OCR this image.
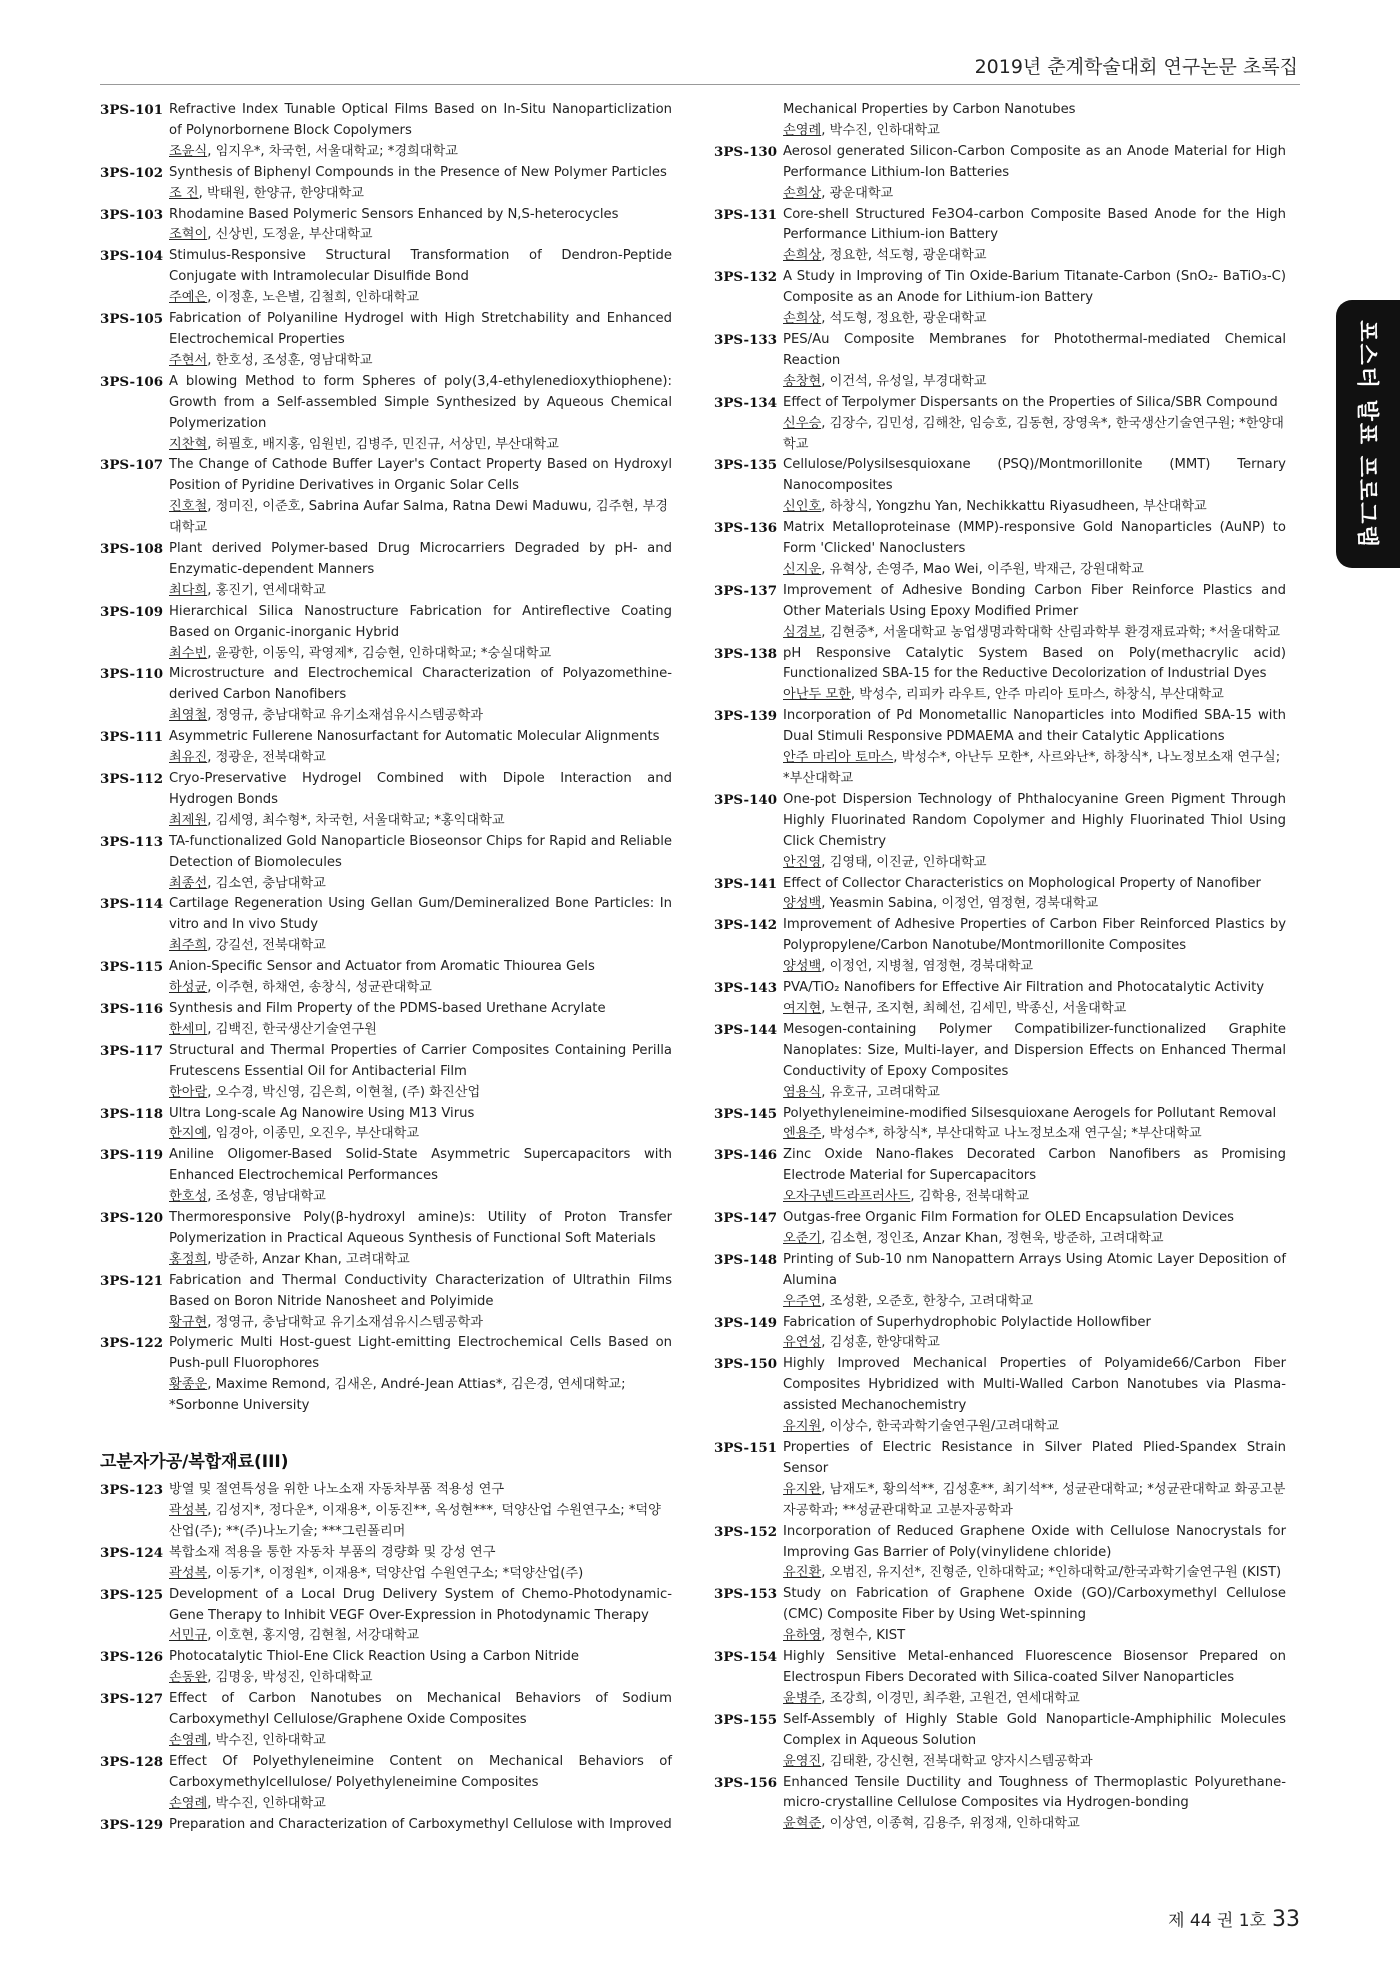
2019년 춘계학술대회 연구논문 초록집
포스터 발표 프로그램
3PS-101 Refractive Index Tunable Optical Films Based on In-Situ Nanoparticlization of Polynorbornene Block Copolymers
조윤식, 임지우*, 차국헌, 서울대학교; *경희대학교
3PS-102 Synthesis of Biphenyl Compounds in the Presence of New Polymer Particles
조 진, 박태원, 한양규, 한양대학교
3PS-103 Rhodamine Based Polymeric Sensors Enhanced by N,S-heterocycles
조혁이, 신상빈, 도정윤, 부산대학교
3PS-104 Stimulus-Responsive Structural Transformation of Dendron-Peptide Conjugate with Intramolecular Disulfide Bond
주예은, 이정훈, 노은별, 김철희, 인하대학교
3PS-105 Fabrication of Polyaniline Hydrogel with High Stretchability and Enhanced Electrochemical Properties
주현서, 한호성, 조성훈, 영남대학교
3PS-106 A blowing Method to form Spheres of poly(3,4-ethylenedioxythiophene): Growth from a Self-assembled Simple Synthesized by Aqueous Chemical Polymerization
지찬혁, 허필호, 배지홍, 임원빈, 김병주, 민진규, 서상민, 부산대학교
3PS-107 The Change of Cathode Buffer Layer's Contact Property Based on Hydroxyl Position of Pyridine Derivatives in Organic Solar Cells
진호철, 정미진, 이준호, Sabrina Aufar Salma, Ratna Dewi Maduwu, 김주현, 부경대학교
3PS-108 Plant derived Polymer-based Drug Microcarriers Degraded by pH- and Enzymatic-dependent Manners
최다희, 홍진기, 연세대학교
3PS-109 Hierarchical Silica Nanostructure Fabrication for Antireflective Coating Based on Organic-inorganic Hybrid
최수빈, 윤광한, 이동익, 곽영제*, 김승현, 인하대학교; *숭실대학교
3PS-110 Microstructure and Electrochemical Characterization of Polyazomethine-derived Carbon Nanofibers
최영철, 정영규, 충남대학교 유기소재섬유시스템공학과
3PS-111 Asymmetric Fullerene Nanosurfactant for Automatic Molecular Alignments
최유진, 정광운, 전북대학교
3PS-112 Cryo-Preservative Hydrogel Combined with Dipole Interaction and Hydrogen Bonds
최제원, 김세영, 최수형*, 차국헌, 서울대학교; *홍익대학교
3PS-113 TA-functionalized Gold Nanoparticle Bioseonsor Chips for Rapid and Reliable Detection of Biomolecules
최종선, 김소연, 충남대학교
3PS-114 Cartilage Regeneration Using Gellan Gum/Demineralized Bone Particles: In vitro and In vivo Study
최주희, 강길선, 전북대학교
3PS-115 Anion-Specific Sensor and Actuator from Aromatic Thiourea Gels
하성균, 이주현, 하채연, 송창식, 성균관대학교
3PS-116 Synthesis and Film Property of the PDMS-based Urethane Acrylate
한세미, 김백진, 한국생산기술연구원
3PS-117 Structural and Thermal Properties of Carrier Composites Containing Perilla Frutescens Essential Oil for Antibacterial Film
한아람, 오수경, 박신영, 김은희, 이현철, (주) 화진산업
3PS-118 Ultra Long-scale Ag Nanowire Using M13 Virus
한지예, 임경아, 이종민, 오진우, 부산대학교
3PS-119 Aniline Oligomer-Based Solid-State Asymmetric Supercapacitors with Enhanced Electrochemical Performances
한호성, 조성훈, 영남대학교
3PS-120 Thermoresponsive Poly(β-hydroxyl amine)s: Utility of Proton Transfer Polymerization in Practical Aqueous Synthesis of Functional Soft Materials
홍정희, 방준하, Anzar Khan, 고려대학교
3PS-121 Fabrication and Thermal Conductivity Characterization of Ultrathin Films Based on Boron Nitride Nanosheet and Polyimide
황규현, 정영규, 충남대학교 유기소재섬유시스템공학과
3PS-122 Polymeric Multi Host-guest Light-emitting Electrochemical Cells Based on Push-pull Fluorophores
황종운, Maxime Remond, 김새온, André-Jean Attias*, 김은경, 연세대학교; *Sorbonne University
고분자가공/복합재료(III)
3PS-123 방열 및 절연특성을 위한 나노소재 자동차부품 적용성 연구
곽성복, 김성지*, 정다운*, 이재용*, 이동진**, 옥성현***, 덕양산업 수원연구소; *덕양산업(주); **(주)나노기술; ***그린폴리머
3PS-124 복합소재 적용을 통한 자동차 부품의 경량화 및 강성 연구
곽성복, 이동기*, 이정원*, 이재용*, 덕양산업 수원연구소; *덕양산업(주)
3PS-125 Development of a Local Drug Delivery System of Chemo-Photodynamic- Gene Therapy to Inhibit VEGF Over-Expression in Photodynamic Therapy
서민규, 이호현, 홍지영, 김현철, 서강대학교
3PS-126 Photocatalytic Thiol-Ene Click Reaction Using a Carbon Nitride
손동완, 김명웅, 박성진, 인하대학교
3PS-127 Effect of Carbon Nanotubes on Mechanical Behaviors of Sodium Carboxymethyl Cellulose/Graphene Oxide Composites
손영례, 박수진, 인하대학교
3PS-128 Effect Of Polyethyleneimine Content on Mechanical Behaviors of Carboxymethylcellulose/ Polyethyleneimine Composites
손영례, 박수진, 인하대학교
3PS-129 Preparation and Characterization of Carboxymethyl Cellulose with Improved
Mechanical Properties by Carbon Nanotubes
손영례, 박수진, 인하대학교
3PS-130 Aerosol generated Silicon-Carbon Composite as an Anode Material for High Performance Lithium-Ion Batteries
손희상, 광운대학교
3PS-131 Core-shell Structured Fe3O4-carbon Composite Based Anode for the High Performance Lithium-ion Battery
손희상, 정요한, 석도형, 광운대학교
3PS-132 A Study in Improving of Tin Oxide-Barium Titanate-Carbon (SnO₂- BaTiO₃-C) Composite as an Anode for Lithium-ion Battery
손희상, 석도형, 정요한, 광운대학교
3PS-133 PES/Au Composite Membranes for Photothermal-mediated Chemical Reaction
송창현, 이건석, 유성일, 부경대학교
3PS-134 Effect of Terpolymer Dispersants on the Properties of Silica/SBR Compound
신우승, 김장수, 김민성, 김해찬, 임승호, 김동현, 장영욱*, 한국생산기술연구원; *한양대학교
3PS-135 Cellulose/Polysilsesquioxane (PSQ)/Montmorillonite (MMT) Ternary Nanocomposites
신인호, 하창식, Yongzhu Yan, Nechikkattu Riyasudheen, 부산대학교
3PS-136 Matrix Metalloproteinase (MMP)-responsive Gold Nanoparticles (AuNP) to Form 'Clicked' Nanoclusters
신지운, 유혁상, 손영주, Mao Wei, 이주원, 박재근, 강원대학교
3PS-137 Improvement of Adhesive Bonding Carbon Fiber Reinforce Plastics and Other Materials Using Epoxy Modified Primer
심경보, 김현중*, 서울대학교 농업생명과학대학 산림과학부 환경재료과학; *서울대학교
3PS-138 pH Responsive Catalytic System Based on Poly(methacrylic acid) Functionalized SBA-15 for the Reductive Decolorization of Industrial Dyes
아난두 모한, 박성수, 리피카 라우트, 안주 마리아 토마스, 하창식, 부산대학교
3PS-139 Incorporation of Pd Monometallic Nanoparticles into Modified SBA-15 with Dual Stimuli Responsive PDMAEMA and their Catalytic Applications
안주 마리아 토마스, 박성수*, 아난두 모한*, 사르와난*, 하창식*, 나노정보소재 연구실; *부산대학교
3PS-140 One-pot Dispersion Technology of Phthalocyanine Green Pigment Through Highly Fluorinated Random Copolymer and Highly Fluorinated Thiol Using Click Chemistry
안진영, 김영태, 이진균, 인하대학교
3PS-141 Effect of Collector Characteristics on Mophological Property of Nanofiber
양성백, Yeasmin Sabina, 이정언, 염정현, 경북대학교
3PS-142 Improvement of Adhesive Properties of Carbon Fiber Reinforced Plastics by Polypropylene/Carbon Nanotube/Montmorillonite Composites
양성백, 이정언, 지병철, 염정현, 경북대학교
3PS-143 PVA/TiO₂ Nanofibers for Effective Air Filtration and Photocatalytic Activity
여지현, 노현규, 조지현, 최혜선, 김세민, 박종신, 서울대학교
3PS-144 Mesogen-containing Polymer Compatibilizer-functionalized Graphite Nanoplates: Size, Multi-layer, and Dispersion Effects on Enhanced Thermal Conductivity of Epoxy Composites
염용식, 유호규, 고려대학교
3PS-145 Polyethyleneimine-modified Silsesquioxane Aerogels for Pollutant Removal
엔용주, 박성수*, 하창식*, 부산대학교 나노정보소재 연구실; *부산대학교
3PS-146 Zinc Oxide Nano-flakes Decorated Carbon Nanofibers as Promising Electrode Material for Supercapacitors
오자구넨드라프러사드, 김학용, 전북대학교
3PS-147 Outgas-free Organic Film Formation for OLED Encapsulation Devices
오준기, 김소현, 정인조, Anzar Khan, 정현욱, 방준하, 고려대학교
3PS-148 Printing of Sub-10 nm Nanopattern Arrays Using Atomic Layer Deposition of Alumina
우주연, 조성환, 오준호, 한창수, 고려대학교
3PS-149 Fabrication of Superhydrophobic Polylactide Hollowfiber
유연성, 김성훈, 한양대학교
3PS-150 Highly Improved Mechanical Properties of Polyamide66/Carbon Fiber Composites Hybridized with Multi-Walled Carbon Nanotubes via Plasma-assisted Mechanochemistry
유지원, 이상수, 한국과학기술연구원/고려대학교
3PS-151 Properties of Electric Resistance in Silver Plated Plied-Spandex Strain Sensor
유지완, 남재도*, 황의석**, 김성훈**, 최기석**, 성균관대학교; *성균관대학교 화공고분자공학과; **성균관대학교 고분자공학과
3PS-152 Incorporation of Reduced Graphene Oxide with Cellulose Nanocrystals for Improving Gas Barrier of Poly(vinylidene chloride)
유진환, 오범진, 유지선*, 진형준, 인하대학교; *인하대학교/한국과학기술연구원 (KIST)
3PS-153 Study on Fabrication of Graphene Oxide (GO)/Carboxymethyl Cellulose (CMC) Composite Fiber by Using Wet-spinning
유하영, 정현수, KIST
3PS-154 Highly Sensitive Metal-enhanced Fluorescence Biosensor Prepared on Electrospun Fibers Decorated with Silica-coated Silver Nanoparticles
윤병주, 조강희, 이경민, 최주환, 고원건, 연세대학교
3PS-155 Self-Assembly of Highly Stable Gold Nanoparticle-Amphiphilic Molecules Complex in Aqueous Solution
윤영진, 김태환, 강신현, 전북대학교 양자시스템공학과
3PS-156 Enhanced Tensile Ductility and Toughness of Thermoplastic Polyurethane-micro-crystalline Cellulose Composites via Hydrogen-bonding
윤혁준, 이상연, 이종혁, 김용주, 위정재, 인하대학교
제 44 권 1호 33
